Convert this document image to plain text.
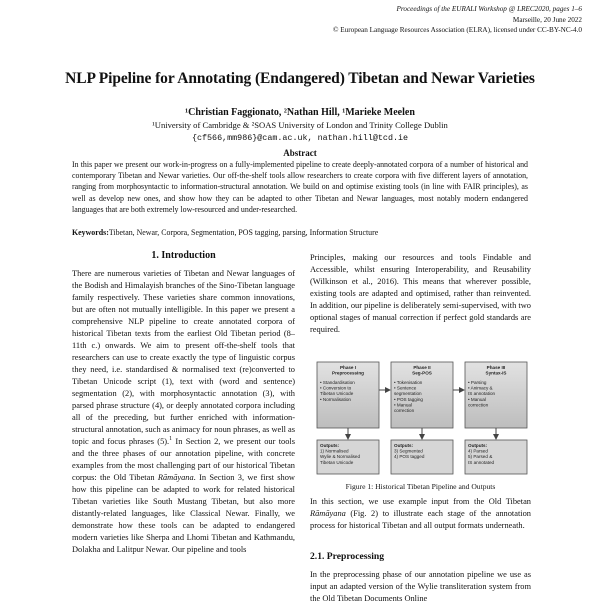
Proceedings of the EURALI Workshop @ LREC2020, pages 1–6
Marseille, 20 June 2022
© European Language Resources Association (ELRA), licensed under CC-BY-NC-4.0
NLP Pipeline for Annotating (Endangered) Tibetan and Newar Varieties
¹Christian Faggionato, ²Nathan Hill, ¹Marieke Meelen
¹University of Cambridge & ²SOAS University of London and Trinity College Dublin
{cf566,mm986}@cam.ac.uk, nathan.hill@tcd.ie
Abstract
In this paper we present our work-in-progress on a fully-implemented pipeline to create deeply-annotated corpora of a number of historical and contemporary Tibetan and Newar varieties. Our off-the-shelf tools allow researchers to create corpora with five different layers of annotation, ranging from morphosyntactic to information-structural annotation. We build on and optimise existing tools (in line with FAIR principles), as well as develop new ones, and show how they can be adapted to other Tibetan and Newar languages, most notably modern endangered languages that are both extremely low-resourced and under-researched.
Keywords:Tibetan, Newar, Corpora, Segmentation, POS tagging, parsing, Information Structure
1. Introduction

There are numerous varieties of Tibetan and Newar languages of the Bodish and Himalayish branches of the Sino-Tibetan language family respectively. These varieties share common innovations, but are often not mutually intelligible. In this paper we present a comprehensive NLP pipeline to create annotated corpora of historical Tibetan texts from the earliest Old Tibetan period (8–11th c.) onwards. We aim to present off-the-shelf tools that researchers can use to create exactly the type of linguistic corpus they need, i.e. standardised & normalised text (re)converted to Tibetan Unicode script (1), text with (word and sentence) segmentation (2), with morphosyntactic annotation (3), with parsed phrase structure (4), or deeply annotated corpora including all of the preceding, but further enriched with information-structural annotation, such as animacy for noun phrases, as well as topic and focus phrases (5).$^1$ In Section 2, we present our tools and the three phases of our annotation pipeline, with concrete examples from the most challenging part of our historical Tibetan corpus: the Old Tibetan Rāmāyana. In Section 3, we first show how this pipeline can be adapted to work for related historical Tibetan varieties like South Mustang Tibetan, but also more distantly-related languages, like Classical Newar. Finally, we demonstrate how these tools can be adapted to endangered modern varieties like Sherpa and Lhomi Tibetan and Kathmandu, Dolakha and Lalitpur Newar. Our pipeline and tools

Principles, making our resources and tools Findable and Accessible, whilst ensuring Interoperability, and Reusability (Wilkinson et al., 2016). This means that wherever possible, existing tools are adapted and optimised, rather than reinvented. In addition, our pipeline is deliberately semi-supervised, with two optional stages of manual correction if perfect gold standards are required.

Phase I
Preprocessing
• Standardisation
• Conversion to
Tibetan Unicode
• Normalisation
Outputs:
1) Normalised
Wylie & Normalised
Tibetan Unicode
Phase II
Seg-POS
• Tokenisation
• Sentence
segmentation
• POS tagging
• Manual
correction
Outputs:
3) Segmented
4) POS tagged
Phase III
Syntax-IS
• Parsing
• Animacy &
IS annotation
• Manual
correction
Outputs:
4) Parsed
5) Parsed &
IS annotated
Figure 1: Historical Tibetan Pipeline and Outputs

In this section, we use example input from the Old Tibetan Rāmāyana (Fig. 2) to illustrate each stage of the annotation process for historical Tibetan and all output formats underneath.

2.1. Preprocessing
In the preprocessing phase of our annotation pipeline we use as input an adapted version of the Wylie transliteration system from the Old Tibetan Documents Online
